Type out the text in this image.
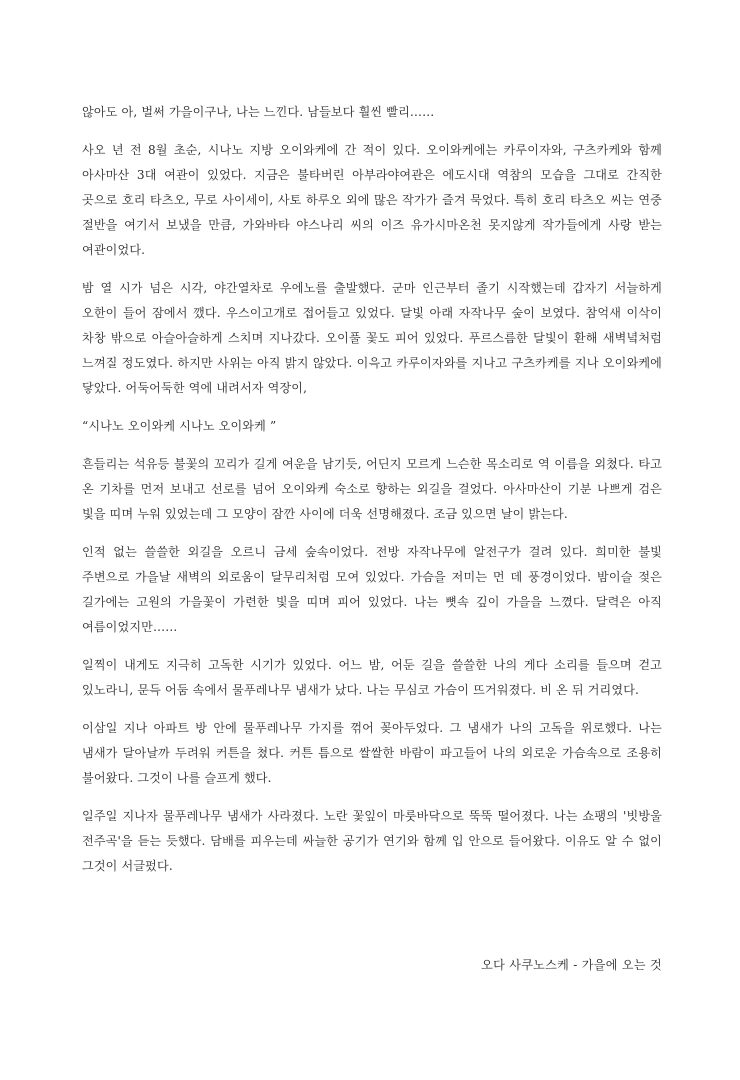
않아도 아, 벌써 가을이구나, 나는 느낀다. 남들보다 훨씬 빨리……

사오 년 전 8월 초순, 시나노 지방 오이와케에 간 적이 있다. 오이와케에는 카루이자와, 구츠카케와 함께 아사마산 3대 여관이 있었다. 지금은 불타버린 아부라야여관은 에도시대 역참의 모습을 그대로 간직한 곳으로 호리 타츠오, 무로 사이세이, 사토 하루오 외에 많은 작가가 즐겨 묵었다. 특히 호리 타츠오 씨는 연중 절반을 여기서 보냈을 만큼, 가와바타 야스나리 씨의 이즈 유가시마온천 못지않게 작가들에게 사랑 받는 여관이었다.

밤 열 시가 넘은 시각, 야간열차로 우에노를 출발했다. 군마 인근부터 졸기 시작했는데 갑자기 서늘하게 오한이 들어 잠에서 깼다. 우스이고개로 접어들고 있었다. 달빛 아래 자작나무 숲이 보였다. 참억새 이삭이 차창 밖으로 아슬아슬하게 스치며 지나갔다. 오이풀 꽃도 피어 있었다. 푸르스름한 달빛이 환해 새벽녘처럼 느껴질 정도였다. 하지만 사위는 아직 밝지 않았다. 이윽고 카루이자와를 지나고 구츠카케를 지나 오이와케에 닿았다. 어둑어둑한 역에 내려서자 역장이,

“시나노 오이와케 시나노 오이와케 ”

흔들리는 석유등 불꽃의 꼬리가 길게 여운을 남기듯, 어딘지 모르게 느슨한 목소리로 역 이름을 외쳤다. 타고 온 기차를 먼저 보내고 선로를 넘어 오이와케 숙소로 향하는 외길을 걸었다. 아사마산이 기분 나쁘게 검은 빛을 띠며 누워 있었는데 그 모양이 잠깐 사이에 더욱 선명해졌다. 조금 있으면 날이 밝는다.

인적 없는 쓸쓸한 외길을 오르니 금세 숲속이었다. 전방 자작나무에 알전구가 걸려 있다. 희미한 불빛 주변으로 가을날 새벽의 외로움이 달무리처럼 모여 있었다. 가슴을 저미는 먼 데 풍경이었다. 밤이슬 젖은 길가에는 고원의 가을꽃이 가련한 빛을 띠며 피어 있었다. 나는 뼛속 깊이 가을을 느꼈다. 달력은 아직 여름이었지만……

일찍이 내게도 지극히 고독한 시기가 있었다. 어느 밤, 어둔 길을 쓸쓸한 나의 게다 소리를 들으며 걷고 있노라니, 문득 어둠 속에서 물푸레나무 냄새가 났다. 나는 무심코 가슴이 뜨거워졌다. 비 온 뒤 거리였다.

이삼일 지나 아파트 방 안에 물푸레나무 가지를 꺾어 꽂아두었다. 그 냄새가 나의 고독을 위로했다. 나는 냄새가 달아날까 두려워 커튼을 쳤다. 커튼 틈으로 쌀쌀한 바람이 파고들어 나의 외로운 가슴속으로 조용히 불어왔다. 그것이 나를 슬프게 했다.

일주일 지나자 물푸레나무 냄새가 사라졌다. 노란 꽃잎이 마룻바닥으로 뚝뚝 떨어졌다. 나는 쇼팽의 '빗방울 전주곡'을 듣는 듯했다. 담배를 피우는데 싸늘한 공기가 연기와 함께 입 안으로 들어왔다. 이유도 알 수 없이 그것이 서글펐다.

오다 사쿠노스케 - 가을에 오는 것
